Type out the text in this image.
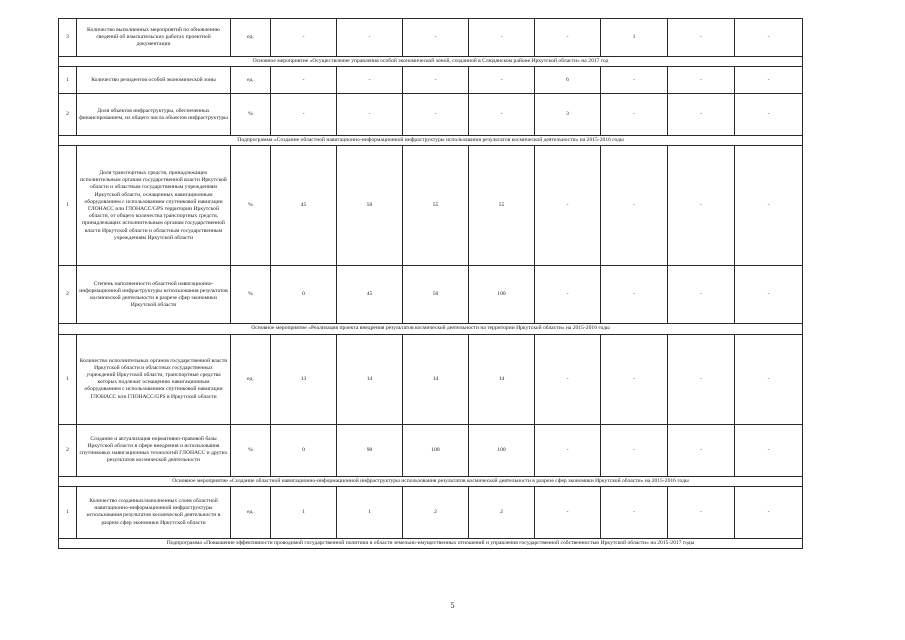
3	Количество выполненных мероприятий по обновлению сведений об изыскательских работах проектной документации	ед.	-	-	-	-	-	1	-	-
Основное мероприятие «Осуществление управления особой экономической зоной, созданной в Слюдянском районе Иркутской области» на 2017 год										
1	Количество резидентов особой экономической зоны	ед.	-	-	-	-	6	-	-	-
2	Доля объектов инфраструктуры, обеспеченных финансированием, из общего числа объектов инфраструктуры	%	-	-	-	-	3	-	-	-
Подпрограмма «Создание областной навигационно-информационной инфраструктуры использования результатов космической деятельности» на 2015-2016 годы										
1	Доля транспортных средств, принадлежащих исполнительным органам государственной власти Иркутской области и областным государственным учреждениям Иркутской области, оснащенных навигационным оборудованием с использованием спутниковой навигации ГЛОНАСС или ГЛОНАСС/GPS территории Иркутской области, от общего количества транспортных средств, принадлежащих исполнительным органам государственной власти Иркутской области и областным государственным учреждениям Иркутской области	%	45	50	55	55	-	-	-	-
2	Степень наполненности областной навигационно-информационной инфраструктуры использования результатов космической деятельности в разрезе сфер экономики Иркутской области	%	0	45	50	100	-	-	-	-
Основное мероприятие «Реализация проекта внедрения результатов космической деятельности на территории Иркутской области» на 2015-2016 годы										
1	Количество исполнительных органов государственной власти Иркутской области и областных государственных учреждений Иркутской области, транспортные средства которых подлежат оснащению навигационным оборудованием с использованием спутниковой навигации ГЛОНАСС или ГЛОНАСС/GPS в Иркутской области	ед.	13	14	14	14	-	-	-	-
2	Создание и актуализация нормативно-правовой базы Иркутской области в сфере внедрения и использования спутниковых навигационных технологий ГЛОНАСС и других результатов космической деятельности	%	0	90	100	100	-	-	-	-
Основное мероприятие «Создание областной навигационно-информационной инфраструктуры использования результатов космической деятельности в разрезе сфер экономики Иркутской области» на 2015-2016 годы										
1	Количество созданных/наполненных слоев областной навигационно-информационной инфраструктуры использования результатов космической деятельности в разрезе сфер экономики Иркутской области	ед.	1	1	2	2	-	-	-	-
Подпрограмма «Повышение эффективности проводимой государственной политики в области земельно-имущественных отношений и управления государственной собственностью Иркутской области» на 2015-2017 годы										
5
